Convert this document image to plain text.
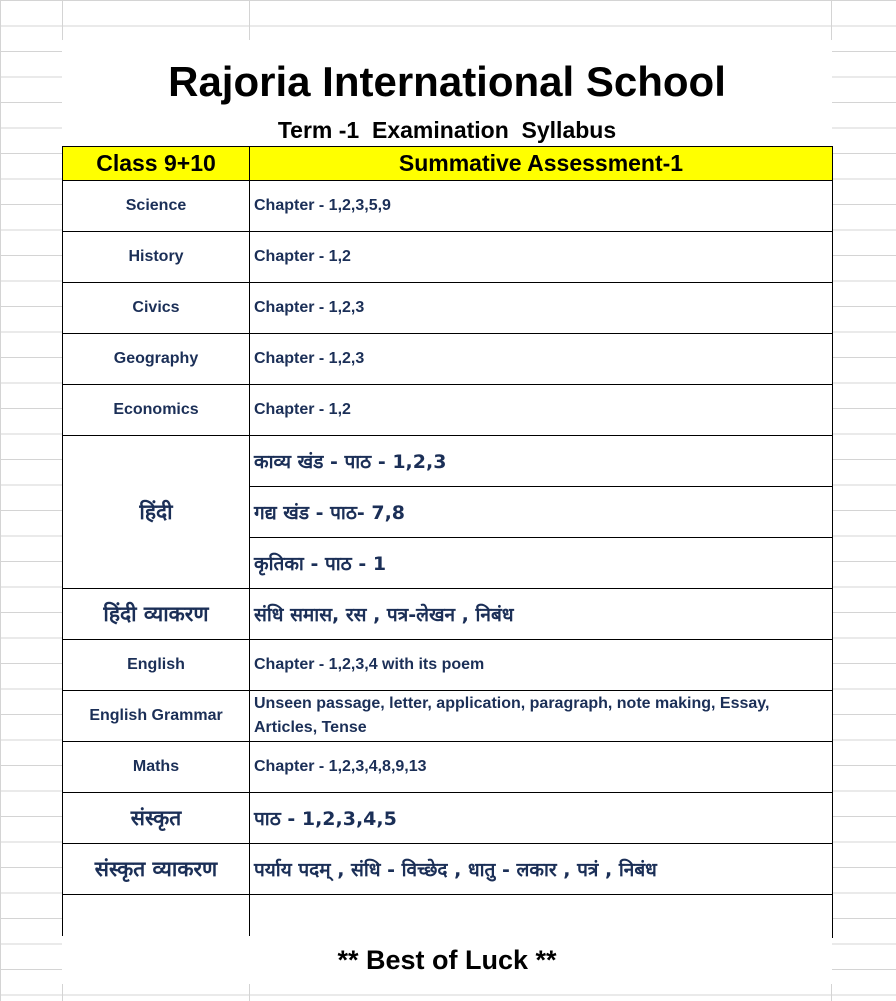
Rajoria International School
Term -1  Examination  Syllabus
Class 9+10	Summative Assessment-1
Science	Chapter - 1,2,3,5,9
History	Chapter - 1,2
Civics	Chapter - 1,2,3
Geography	Chapter - 1,2,3
Economics	Chapter - 1,2
हिंदी	काव्य खंड - पाठ - 1,2,3
	गद्य खंड - पाठ- 7,8
	कृतिका - पाठ - 1
हिंदी व्याकरण	संधि समास, रस , पत्र-लेखन , निबंध
English	Chapter - 1,2,3,4 with its poem
English Grammar	Unseen passage, letter, application, paragraph, note making, Essay, Articles, Tense
Maths	Chapter - 1,2,3,4,8,9,13
संस्कृत	पाठ - 1,2,3,4,5
संस्कृत व्याकरण	पर्याय पदम् , संधि - विच्छेद , धातु - लकार , पत्रं , निबंध

** Best of Luck **
